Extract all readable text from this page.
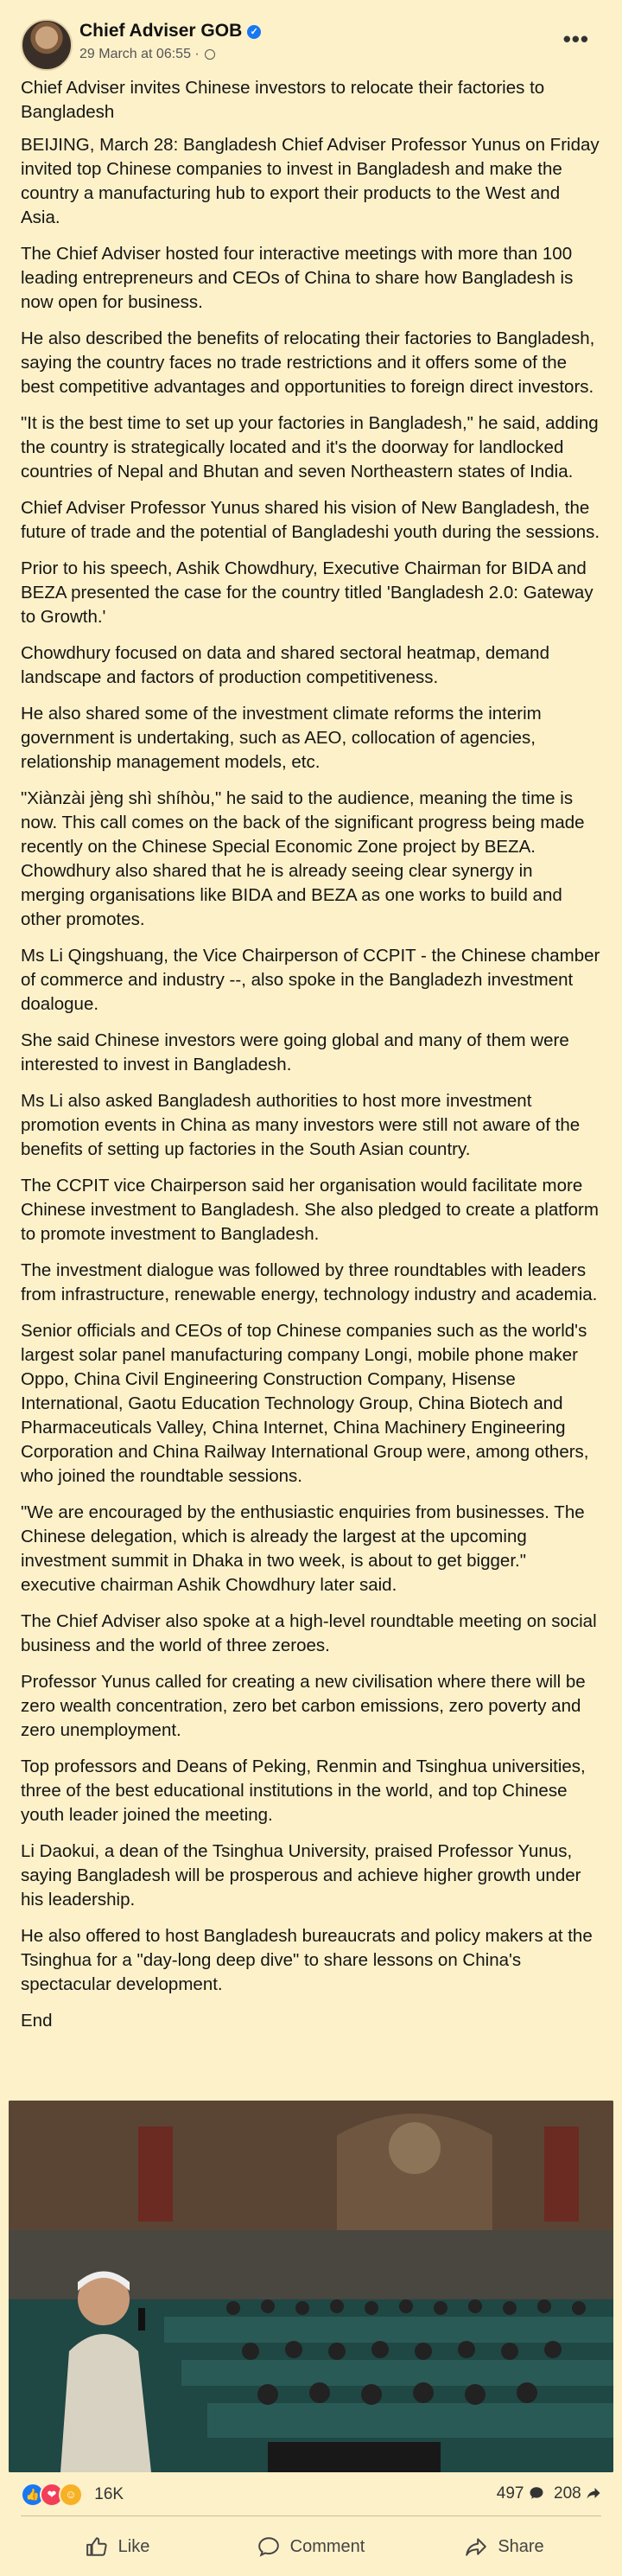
Chief Adviser GOB ✓
29 March at 06:55 ·
•••

Chief Adviser invites Chinese investors to relocate their factories to Bangladesh

BEIJING, March 28: Bangladesh Chief Adviser Professor Yunus on Friday invited top Chinese companies to invest in Bangladesh and make the country a manufacturing hub to export their products to the West and Asia.

The Chief Adviser hosted four interactive meetings with more than 100 leading entrepreneurs and CEOs of China to share how Bangladesh is now open for business.

He also described the benefits of relocating their factories to Bangladesh, saying the country faces no trade restrictions and it offers some of the best competitive advantages and opportunities to foreign direct investors.

"It is the best time to set up your factories in Bangladesh," he said, adding the country is strategically located and it's the doorway for landlocked countries of Nepal and Bhutan and seven Northeastern states of India.

Chief Adviser Professor Yunus shared his vision of New Bangladesh, the future of trade and the potential of Bangladeshi youth during the sessions.

Prior to his speech, Ashik Chowdhury, Executive Chairman for BIDA and BEZA presented the case for the country titled 'Bangladesh 2.0: Gateway to Growth.'

Chowdhury focused on data and shared sectoral heatmap, demand landscape and factors of production competitiveness.

He also shared some of the investment climate reforms the interim government is undertaking, such as AEO, collocation of agencies, relationship management models, etc.

"Xiànzài jèng shì shíhòu," he said to the audience, meaning the time is now. This call comes on the back of the significant progress being made recently on the Chinese Special Economic Zone project by BEZA. Chowdhury also shared that he is already seeing clear synergy in merging organisations like BIDA and BEZA as one works to build and other promotes.

Ms Li Qingshuang, the Vice Chairperson of CCPIT - the Chinese chamber of commerce and industry --, also spoke in the Bangladezh investment doalogue.

She said Chinese investors were going global and many of them were interested to invest in Bangladesh.

Ms Li also asked Bangladesh authorities to host more investment promotion events in China as many investors were still not aware of the benefits of setting up factories in the South Asian country.

The CCPIT vice Chairperson said her organisation would facilitate more Chinese investment to Bangladesh. She also pledged to create a platform to promote investment to Bangladesh.

The investment dialogue was followed by three roundtables with leaders from infrastructure, renewable energy, technology industry and academia.

Senior officials and CEOs of top Chinese companies such as the world's largest solar panel manufacturing company Longi, mobile phone maker Oppo, China Civil Engineering Construction Company, Hisense International, Gaotu Education Technology Group, China Biotech and Pharmaceuticals Valley, China Internet, China Machinery Engineering Corporation and China Railway International Group were, among others, who joined the roundtable sessions.

"We are encouraged by the enthusiastic enquiries from businesses. The Chinese delegation, which is already the largest at the upcoming investment summit in Dhaka in two week, is about to get bigger." executive chairman Ashik Chowdhury later said.

The Chief Adviser also spoke at a high-level roundtable meeting on social business and the world of three zeroes.

Professor Yunus called for creating a new civilisation where there will be zero wealth concentration, zero bet carbon emissions, zero poverty and zero unemployment.

Top professors and Deans of Peking, Renmin and Tsinghua universities, three of the best educational institutions in the world, and top Chinese youth leader joined the meeting.

Li Daokui, a dean of the Tsinghua University, praised Professor Yunus, saying Bangladesh will be prosperous and achieve higher growth under his leadership.

He also offered to host Bangladesh bureaucrats and policy makers at the Tsinghua for a "day-long deep dive" to share lessons on China's spectacular development.

End

👍 ❤ ☺ 16K	497 208
Like	Comment	Share
